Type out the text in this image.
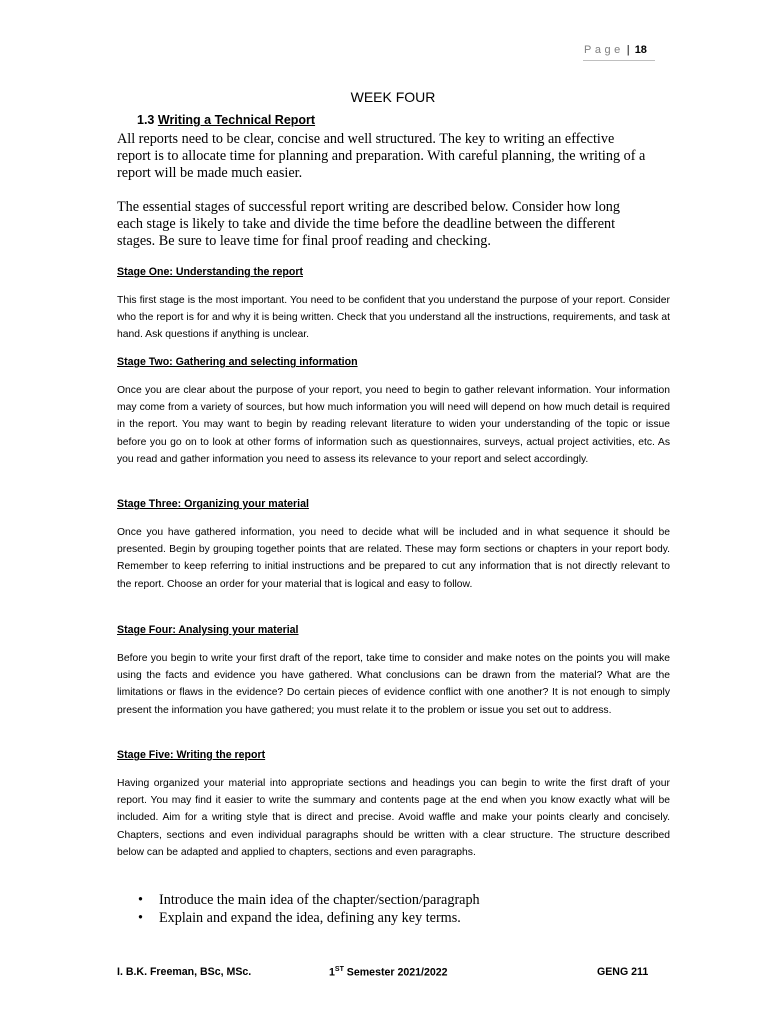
Page | 18
WEEK FOUR
1.3 Writing a Technical Report
All reports need to be clear, concise and well structured. The key to writing an effective report is to allocate time for planning and preparation. With careful planning, the writing of a report will be made much easier.
The essential stages of successful report writing are described below. Consider how long each stage is likely to take and divide the time before the deadline between the different stages. Be sure to leave time for final proof reading and checking.
Stage One: Understanding the report
This first stage is the most important. You need to be confident that you understand the purpose of your report. Consider who the report is for and why it is being written. Check that you understand all the instructions, requirements, and task at hand. Ask questions if anything is unclear.
Stage Two: Gathering and selecting information
Once you are clear about the purpose of your report, you need to begin to gather relevant information. Your information may come from a variety of sources, but how much information you will need will depend on how much detail is required in the report. You may want to begin by reading relevant literature to widen your understanding of the topic or issue before you go on to look at other forms of information such as questionnaires, surveys, actual project activities, etc. As you read and gather information you need to assess its relevance to your report and select accordingly.
Stage Three: Organizing your material
Once you have gathered information, you need to decide what will be included and in what sequence it should be presented. Begin by grouping together points that are related. These may form sections or chapters in your report body. Remember to keep referring to initial instructions and be prepared to cut any information that is not directly relevant to the report. Choose an order for your material that is logical and easy to follow.
Stage Four: Analysing your material
Before you begin to write your first draft of the report, take time to consider and make notes on the points you will make using the facts and evidence you have gathered. What conclusions can be drawn from the material? What are the limitations or flaws in the evidence? Do certain pieces of evidence conflict with one another? It is not enough to simply present the information you have gathered; you must relate it to the problem or issue you set out to address.
Stage Five: Writing the report
Having organized your material into appropriate sections and headings you can begin to write the first draft of your report. You may find it easier to write the summary and contents page at the end when you know exactly what will be included. Aim for a writing style that is direct and precise. Avoid waffle and make your points clearly and concisely. Chapters, sections and even individual paragraphs should be written with a clear structure. The structure described below can be adapted and applied to chapters, sections and even paragraphs.
• Introduce the main idea of the chapter/section/paragraph
• Explain and expand the idea, defining any key terms.
I. B.K. Freeman, BSc, MSc.	1ST Semester 2021/2022	GENG 211
